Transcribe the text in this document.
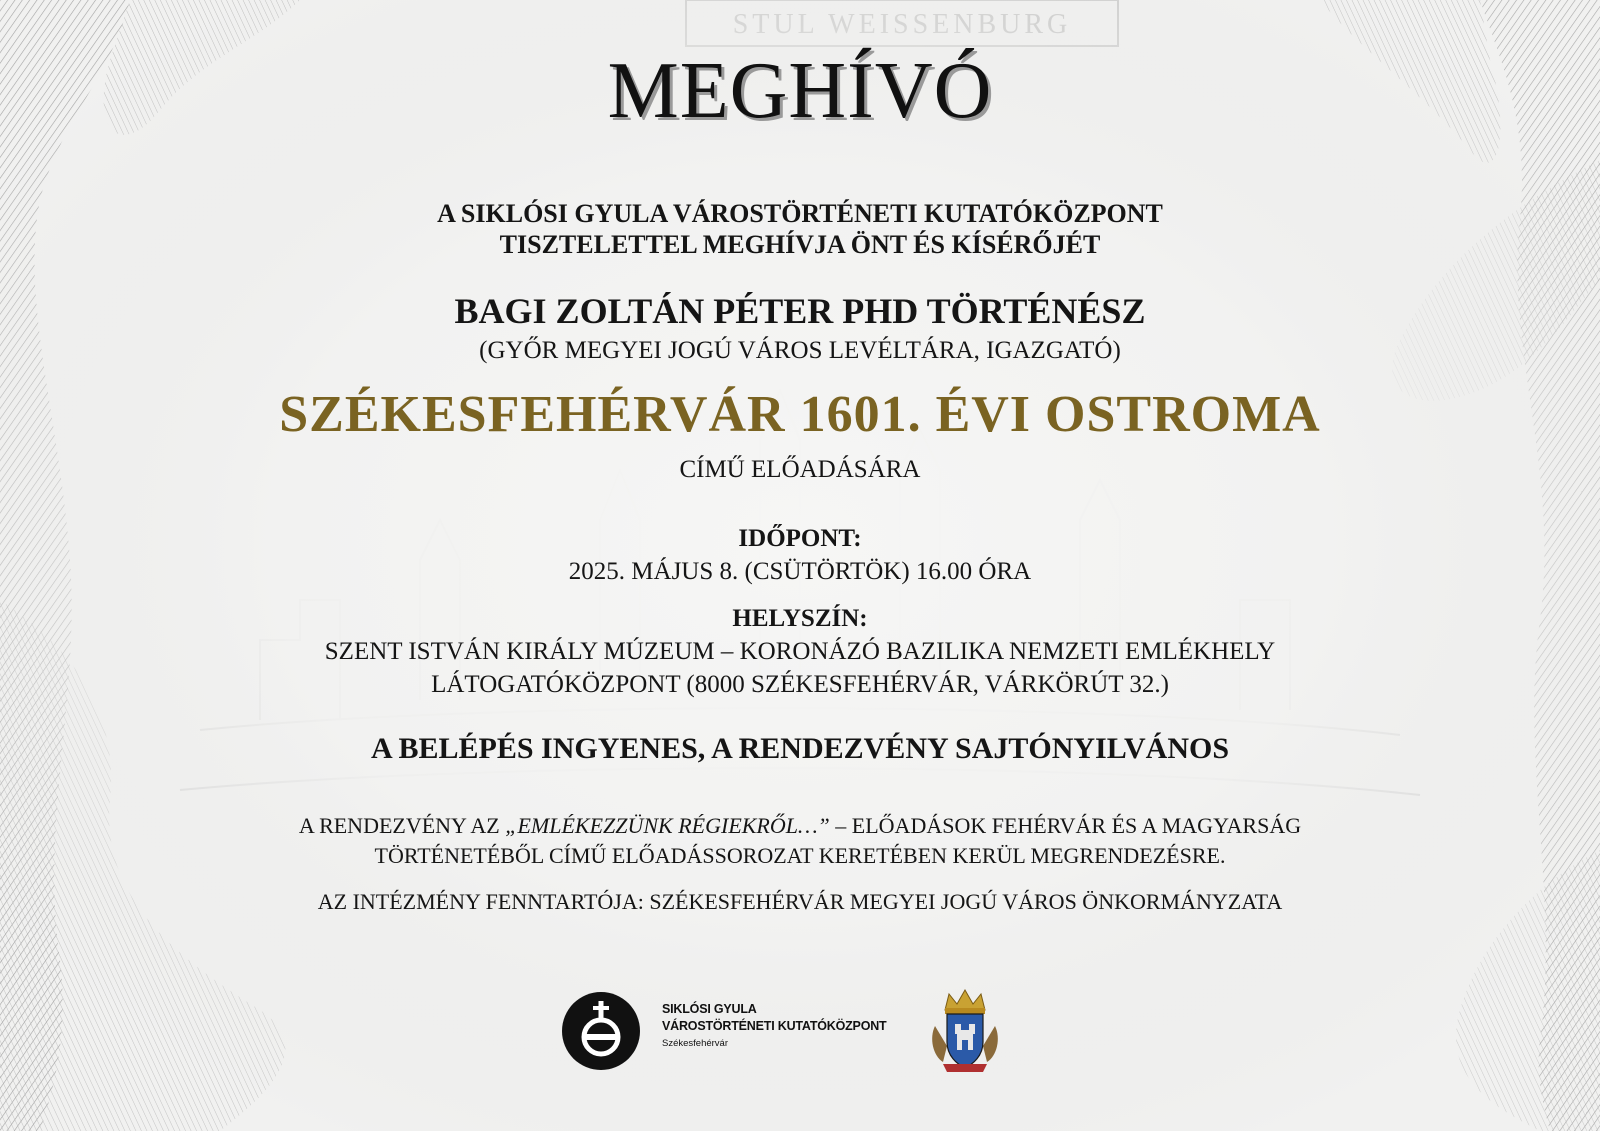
MEGHÍVÓ
A SIKLÓSI GYULA VÁROSTÖRTÉNETI KUTATÓKÖZPONT
TISZTELETTEL MEGHÍVJA ÖNT ÉS KÍSÉRŐJÉT
BAGI ZOLTÁN PÉTER PHD TÖRTÉNÉSZ
(GYŐR MEGYEI JOGÚ VÁROS LEVÉLTÁRA, IGAZGATÓ)
SZÉKESFEHÉRVÁR 1601. ÉVI OSTROMA
CÍMŰ ELŐADÁSÁRA
IDŐPONT:
2025. MÁJUS 8. (CSÜTÖRTÖK) 16.00 ÓRA
HELYSZÍN:
SZENT ISTVÁN KIRÁLY MÚZEUM – KORONÁZÓ BAZILIKA NEMZETI EMLÉKHELY
LÁTOGATÓKÖZPONT (8000 SZÉKESFEHÉRVÁR, VÁRKÖRÚT 32.)
A BELÉPÉS INGYENES, A RENDEZVÉNY SAJTÓNYILVÁNOS
A RENDEZVÉNY AZ „EMLÉKEZZÜNK RÉGIEKRŐL…” – ELŐADÁSOK FEHÉRVÁR ÉS A MAGYARSÁG
TÖRTÉNETÉBŐL CÍMŰ ELŐADÁSSOROZAT KERETÉBEN KERÜL MEGRENDEZÉSRE.
AZ INTÉZMÉNY FENNTARTÓJA: SZÉKESFEHÉRVÁR MEGYEI JOGÚ VÁROS ÖNKORMÁNYZATA
SIKLÓSI GYULA
VÁROSTÖRTÉNETI KUTATÓKÖZPONT
Székesfehérvár
